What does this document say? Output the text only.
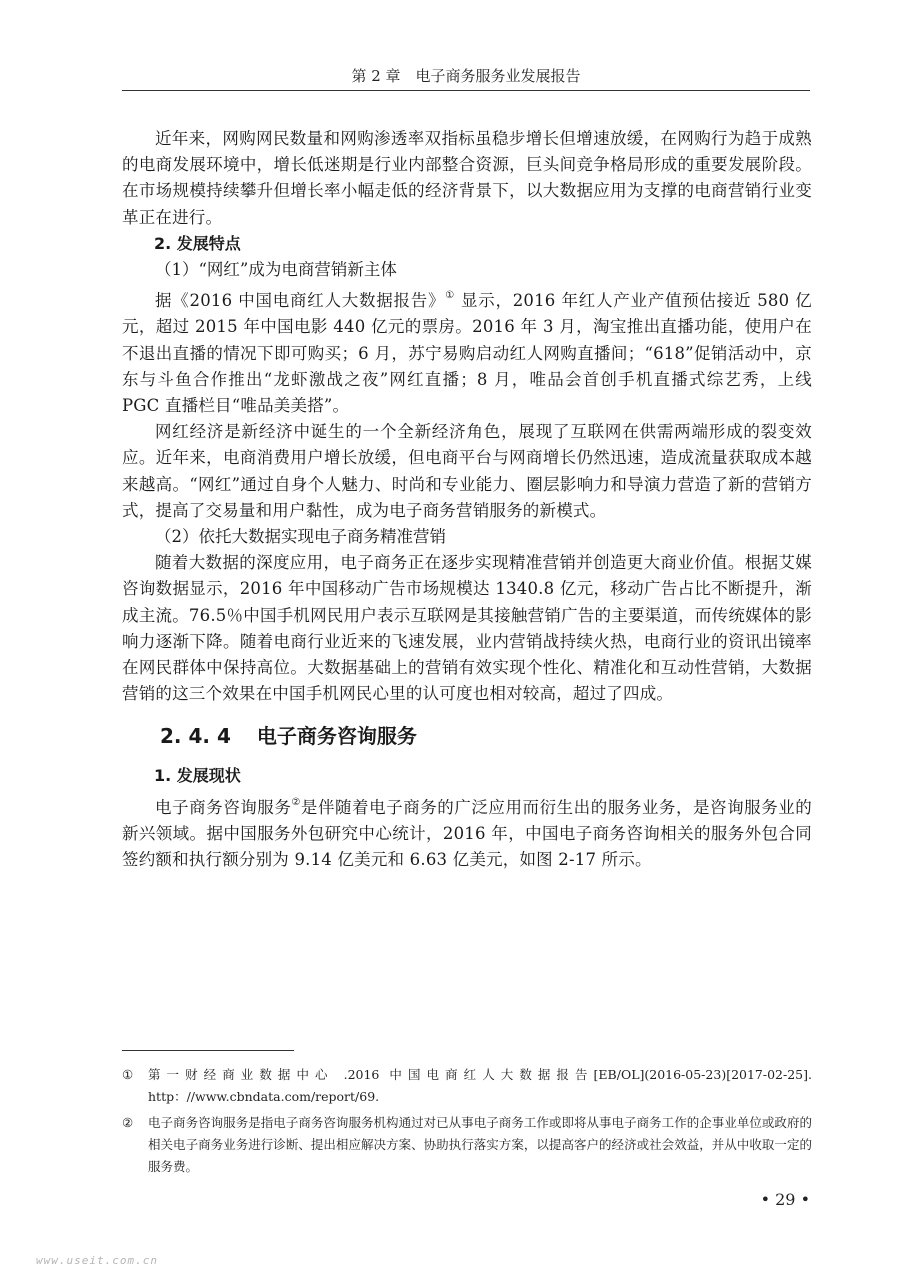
第 2 章　电子商务服务业发展报告

近年来，网购网民数量和网购渗透率双指标虽稳步增长但增速放缓，在网购行为趋于成熟的电商发展环境中，增长低迷期是行业内部整合资源，巨头间竞争格局形成的重要发展阶段。在市场规模持续攀升但增长率小幅走低的经济背景下，以大数据应用为支撑的电商营销行业变革正在进行。

2. 发展特点

（1）“网红”成为电商营销新主体

据《2016 中国电商红人大数据报告》① 显示，2016 年红人产业产值预估接近 580 亿元，超过 2015 年中国电影 440 亿元的票房。2016 年 3 月，淘宝推出直播功能，使用户在不退出直播的情况下即可购买；6 月，苏宁易购启动红人网购直播间；“618”促销活动中，京东与斗鱼合作推出“龙虾激战之夜”网红直播；8 月，唯品会首创手机直播式综艺秀，上线 PGC 直播栏目“唯品美美搭”。

网红经济是新经济中诞生的一个全新经济角色，展现了互联网在供需两端形成的裂变效应。近年来，电商消费用户增长放缓，但电商平台与网商增长仍然迅速，造成流量获取成本越来越高。“网红”通过自身个人魅力、时尚和专业能力、圈层影响力和导演力营造了新的营销方式，提高了交易量和用户黏性，成为电子商务营销服务的新模式。

（2）依托大数据实现电子商务精准营销

随着大数据的深度应用，电子商务正在逐步实现精准营销并创造更大商业价值。根据艾媒咨询数据显示，2016 年中国移动广告市场规模达 1340.8 亿元，移动广告占比不断提升，渐成主流。76.5％中国手机网民用户表示互联网是其接触营销广告的主要渠道，而传统媒体的影响力逐渐下降。随着电商行业近来的飞速发展，业内营销战持续火热，电商行业的资讯出镜率在网民群体中保持高位。大数据基础上的营销有效实现个性化、精准化和互动性营销，大数据营销的这三个效果在中国手机网民心里的认可度也相对较高，超过了四成。

2. 4. 4 电子商务咨询服务

1. 发展现状

电子商务咨询服务②是伴随着电子商务的广泛应用而衍生出的服务业务，是咨询服务业的新兴领域。据中国服务外包研究中心统计，2016 年，中国电子商务咨询相关的服务外包合同签约额和执行额分别为 9.14 亿美元和 6.63 亿美元，如图 2-17 所示。

①	第一财经商业数据中心 .2016 中国电商红人大数据报告[EB/OL](2016-05-23)[2017-02-25]. http：//www.cbndata.com/report/69.
②	电子商务咨询服务是指电子商务咨询服务机构通过对已从事电子商务工作或即将从事电子商务工作的企事业单位或政府的相关电子商务业务进行诊断、提出相应解决方案、协助执行落实方案，以提高客户的经济或社会效益，并从中收取一定的服务费。
• 29 •
www.useit.com.cn
